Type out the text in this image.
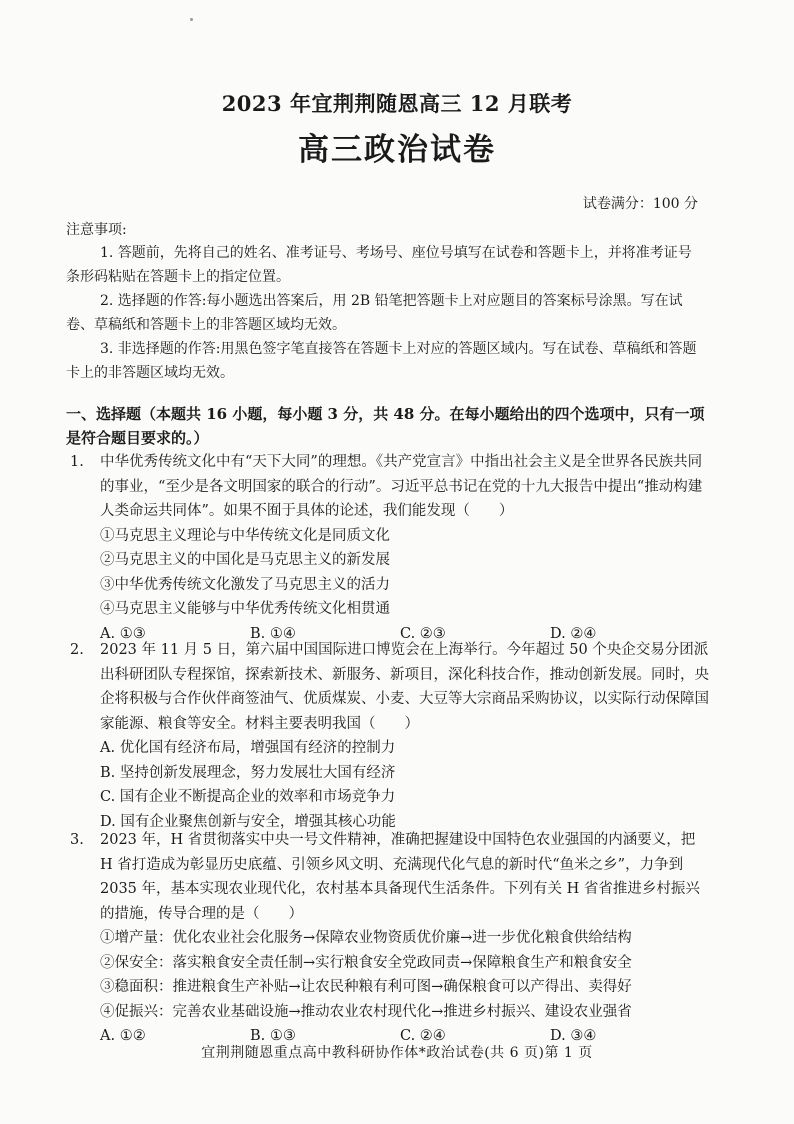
2023 年宜荆荆随恩高三 12 月联考
高三政治试卷
试卷满分：100 分
注意事项:
1. 答题前，先将自己的姓名、准考证号、考场号、座位号填写在试卷和答题卡上，并将准考证号条形码粘贴在答题卡上的指定位置。
2. 选择题的作答:每小题选出答案后，用 2B 铅笔把答题卡上对应题目的答案标号涂黑。写在试卷、草稿纸和答题卡上的非答题区域均无效。
3. 非选择题的作答:用黑色签字笔直接答在答题卡上对应的答题区域内。写在试卷、草稿纸和答题卡上的非答题区域均无效。
一、选择题（本题共 16 小题，每小题 3 分，共 48 分。在每小题给出的四个选项中，只有一项是符合题目要求的。）
1. 中华优秀传统文化中有“天下大同”的理想。《共产党宣言》中指出社会主义是全世界各民族共同的事业，“至少是各文明国家的联合的行动”。习近平总书记在党的十九大报告中提出“推动构建人类命运共同体”。如果不囿于具体的论述，我们能发现（　　）
①马克思主义理论与中华传统文化是同质文化
②马克思主义的中国化是马克思主义的新发展
③中华优秀传统文化激发了马克思主义的活力
④马克思主义能够与中华优秀传统文化相贯通
A. ①③	B. ①④	C. ②③	D. ②④
2. 2023 年 11 月 5 日，第六届中国国际进口博览会在上海举行。今年超过 50 个央企交易分团派出科研团队专程探馆，探索新技术、新服务、新项目，深化科技合作，推动创新发展。同时，央企将积极与合作伙伴商签油气、优质煤炭、小麦、大豆等大宗商品采购协议，以实际行动保障国家能源、粮食等安全。材料主要表明我国（　　）
A. 优化国有经济布局，增强国有经济的控制力
B. 坚持创新发展理念，努力发展壮大国有经济
C. 国有企业不断提高企业的效率和市场竞争力
D. 国有企业聚焦创新与安全，增强其核心功能
3. 2023 年，H 省贯彻落实中央一号文件精神，准确把握建设中国特色农业强国的内涵要义，把 H 省打造成为彰显历史底蕴、引领乡风文明、充满现代化气息的新时代“鱼米之乡”，力争到 2035 年，基本实现农业现代化，农村基本具备现代生活条件。下列有关 H 省省推进乡村振兴的措施，传导合理的是（　　）
①增产量：优化农业社会化服务→保障农业物资质优价廉→进一步优化粮食供给结构
②保安全：落实粮食安全责任制→实行粮食安全党政同责→保障粮食生产和粮食安全
③稳面积：推进粮食生产补贴→让农民种粮有利可图→确保粮食可以产得出、卖得好
④促振兴：完善农业基础设施→推动农业农村现代化→推进乡村振兴、建设农业强省
A. ①②	B. ①③	C. ②④	D. ③④
宜荆荆随恩重点高中教科研协作体*政治试卷(共 6 页)第 1 页
